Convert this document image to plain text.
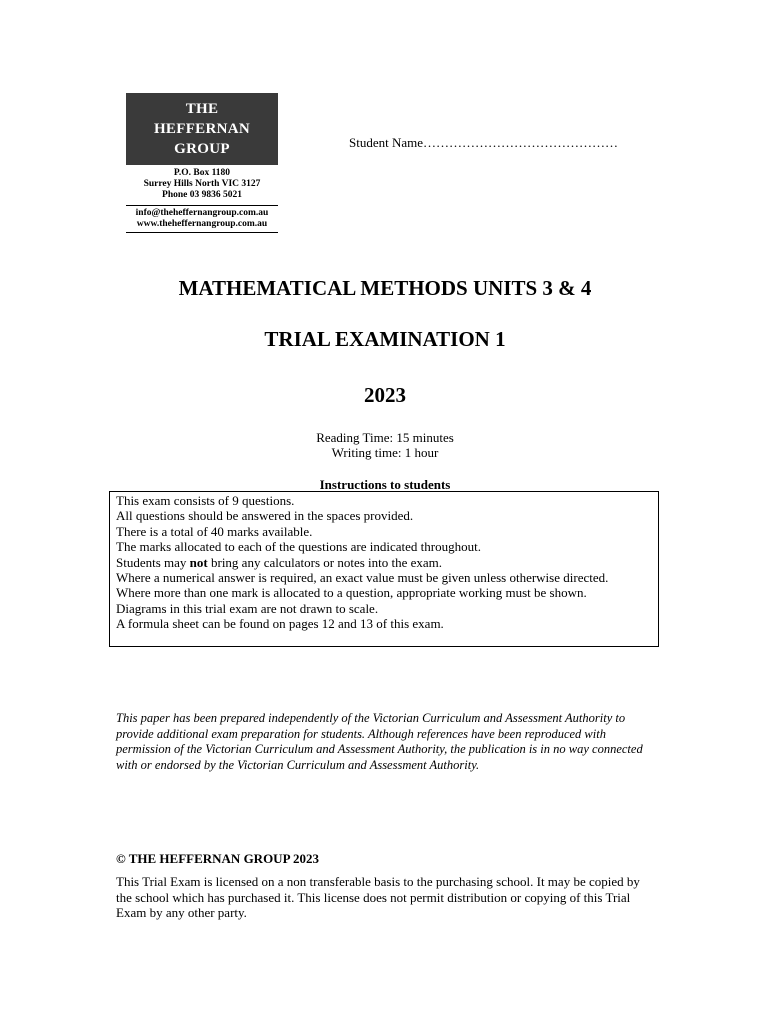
THE
HEFFERNAN
GROUP
P.O. Box 1180
Surrey Hills North VIC 3127
Phone 03 9836 5021
info@theheffernangroup.com.au
www.theheffernangroup.com.au
Student Name………………………………………
MATHEMATICAL METHODS UNITS 3 & 4
TRIAL EXAMINATION 1
2023
Reading Time: 15 minutes
Writing time: 1 hour
Instructions to students
This exam consists of 9 questions.
All questions should be answered in the spaces provided.
There is a total of 40 marks available.
The marks allocated to each of the questions are indicated throughout.
Students may not bring any calculators or notes into the exam.
Where a numerical answer is required, an exact value must be given unless otherwise directed.
Where more than one mark is allocated to a question, appropriate working must be shown.
Diagrams in this trial exam are not drawn to scale.
A formula sheet can be found on pages 12 and 13 of this exam.
This paper has been prepared independently of the Victorian Curriculum and Assessment Authority to provide additional exam preparation for students. Although references have been reproduced with permission of the Victorian Curriculum and Assessment Authority, the publication is in no way connected with or endorsed by the Victorian Curriculum and Assessment Authority.
© THE HEFFERNAN GROUP 2023
This Trial Exam is licensed on a non transferable basis to the purchasing school. It may be copied by the school which has purchased it. This license does not permit distribution or copying of this Trial Exam by any other party.
